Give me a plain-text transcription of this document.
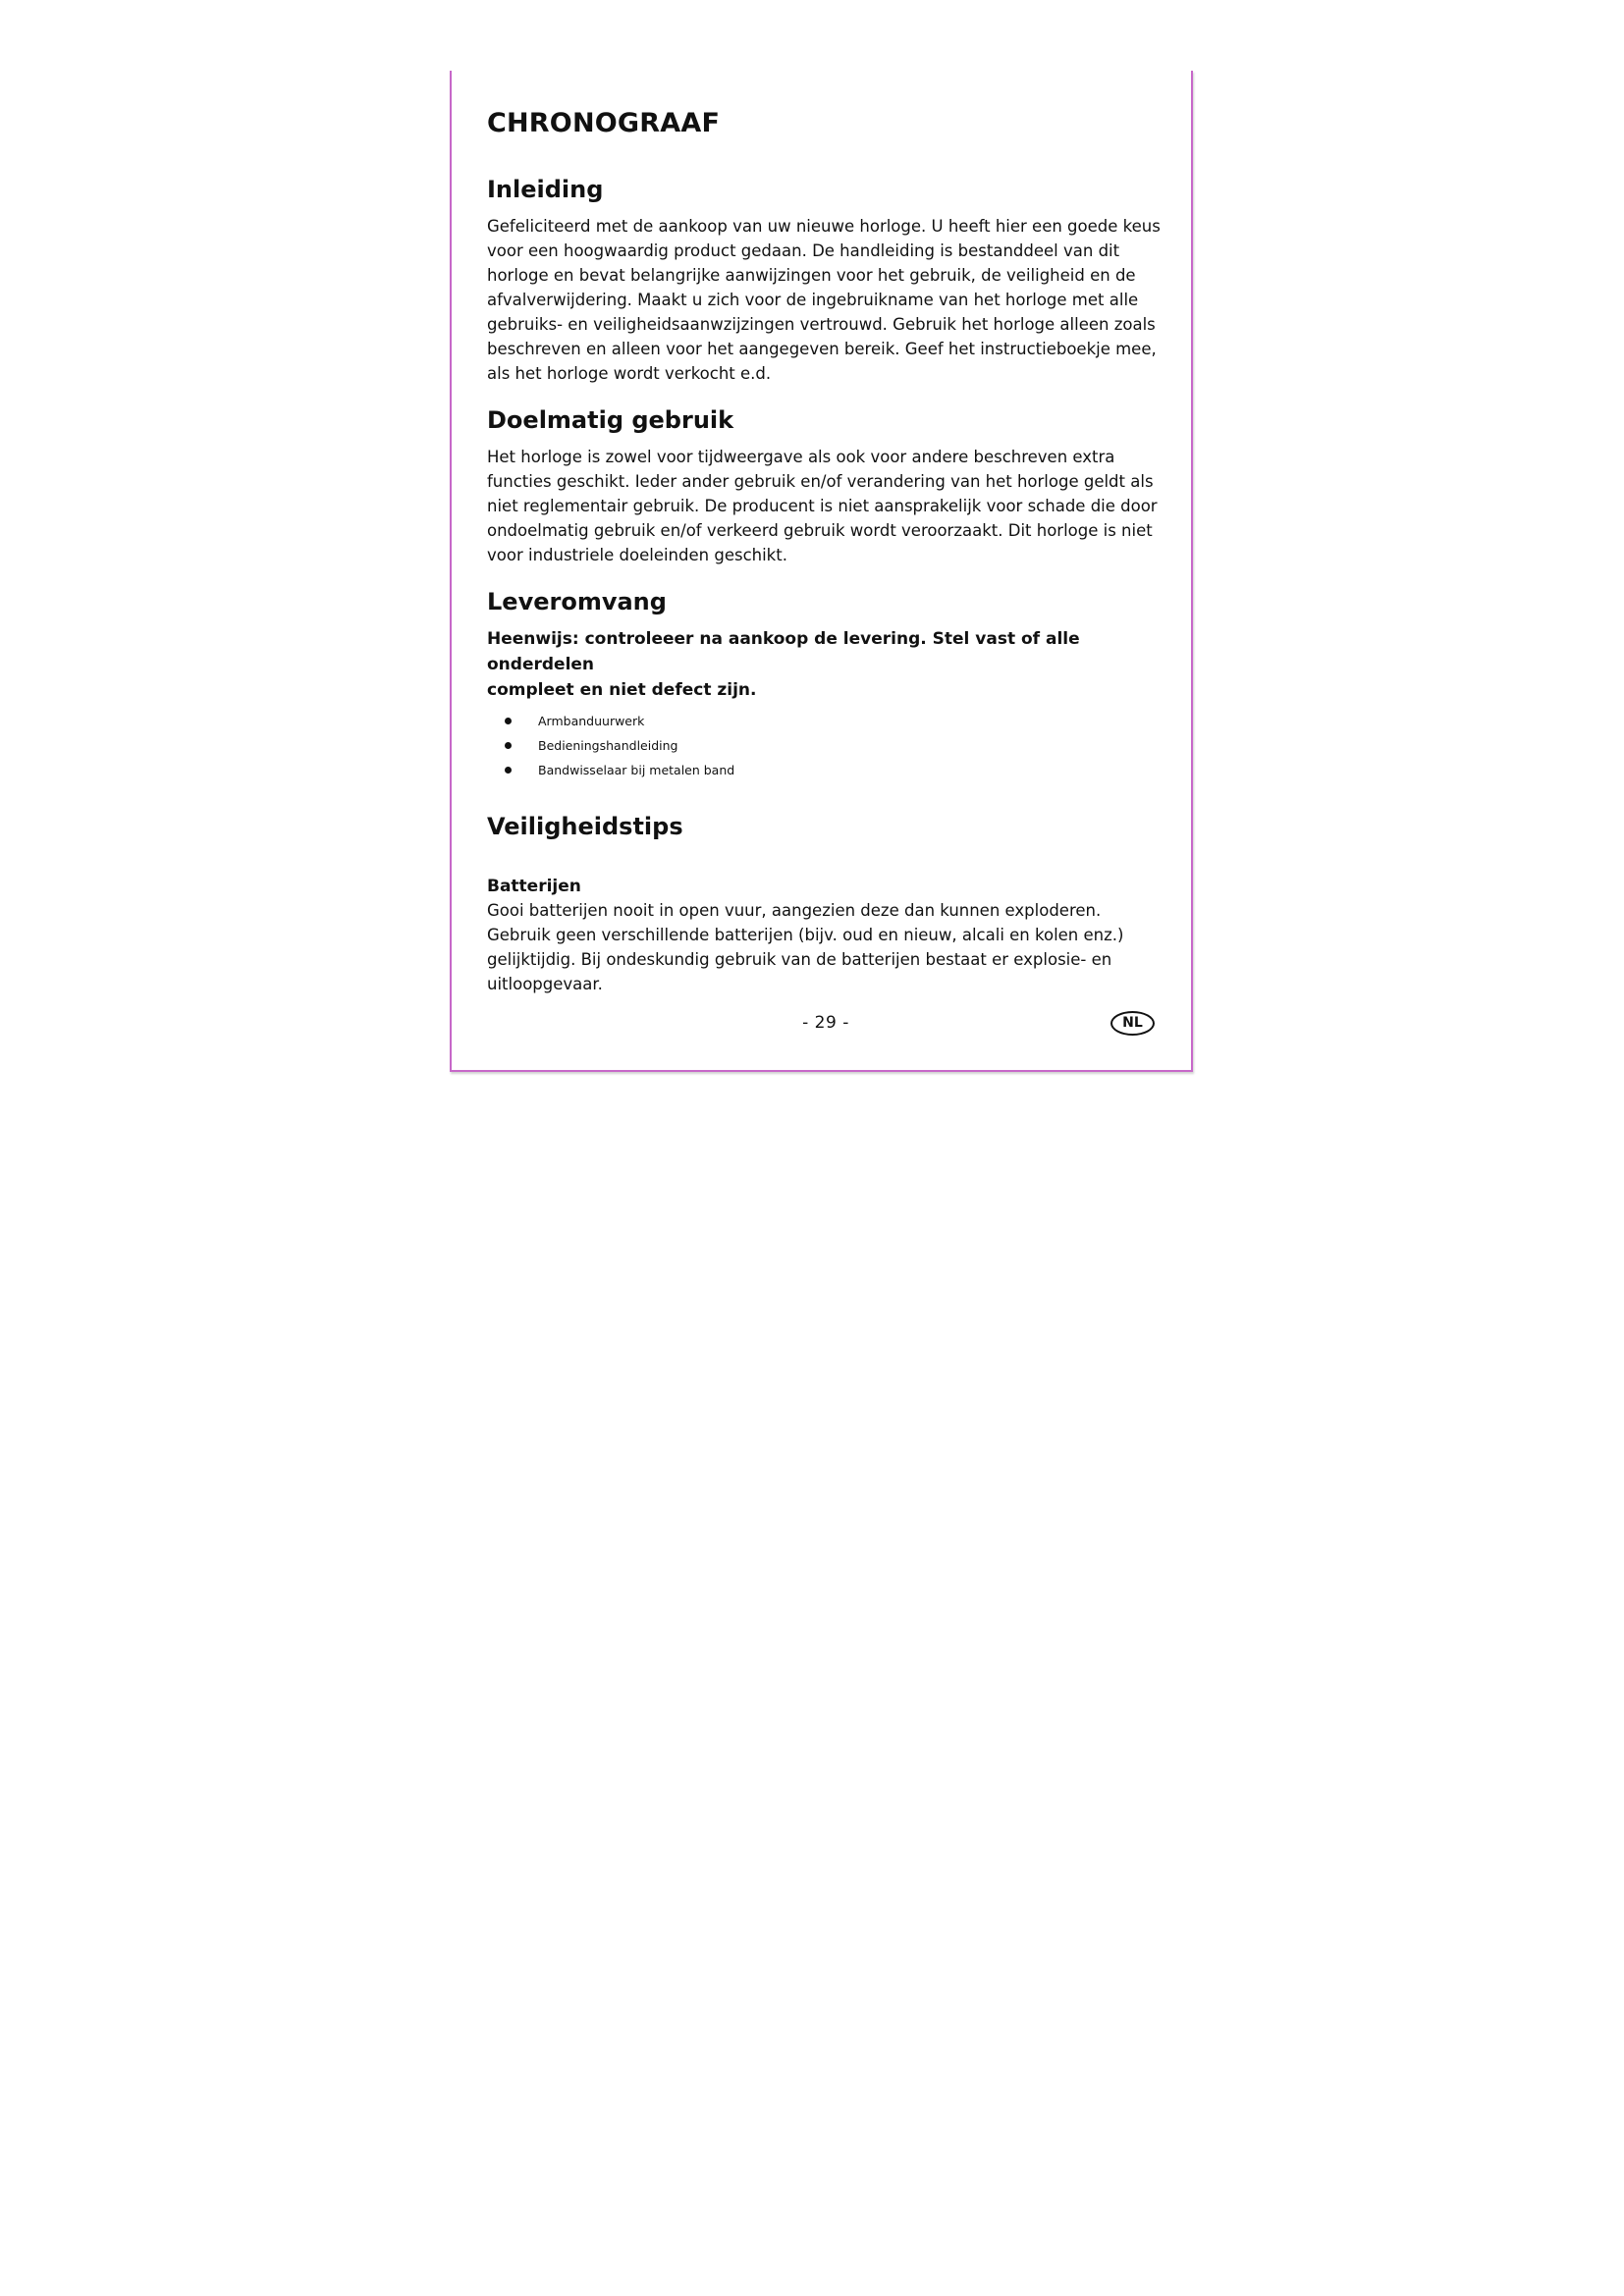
CHRONOGRAAF
Inleiding

Gefeliciteerd met de aankoop van uw nieuwe horloge. U heeft hier een goede keus
voor een hoogwaardig product gedaan. De handleiding is bestanddeel van dit
horloge en bevat belangrijke aanwijzingen voor het gebruik, de veiligheid en de
afvalverwijdering. Maakt u zich voor de ingebruikname van het horloge met alle
gebruiks- en veiligheidsaanwzijzingen vertrouwd. Gebruik het horloge alleen zoals
beschreven en alleen voor het aangegeven bereik. Geef het instructieboekje mee,
als het horloge wordt verkocht e.d.

Doelmatig gebruik

Het horloge is zowel voor tijdweergave als ook voor andere beschreven extra
functies geschikt. Ieder ander gebruik en/of verandering van het horloge geldt als
niet reglementair gebruik. De producent is niet aansprakelijk voor schade die door
ondoelmatig gebruik en/of verkeerd gebruik wordt veroorzaakt. Dit horloge is niet
voor industriele doeleinden geschikt.

Leveromvang

Heenwijs: controleeer na aankoop de levering. Stel vast of alle onderdelen
compleet en niet defect zijn.

Armbanduurwerk
Bedieningshandleiding
Bandwisselaar bij metalen band
Veiligheidstips
Batterijen

Gooi batterijen nooit in open vuur, aangezien deze dan kunnen exploderen.
Gebruik geen verschillende batterijen (bijv. oud en nieuw, alcali en kolen enz.)
gelijktijdig. Bij ondeskundig gebruik van de batterijen bestaat er explosie- en
uitloopgevaar.

- 29 -	NL
